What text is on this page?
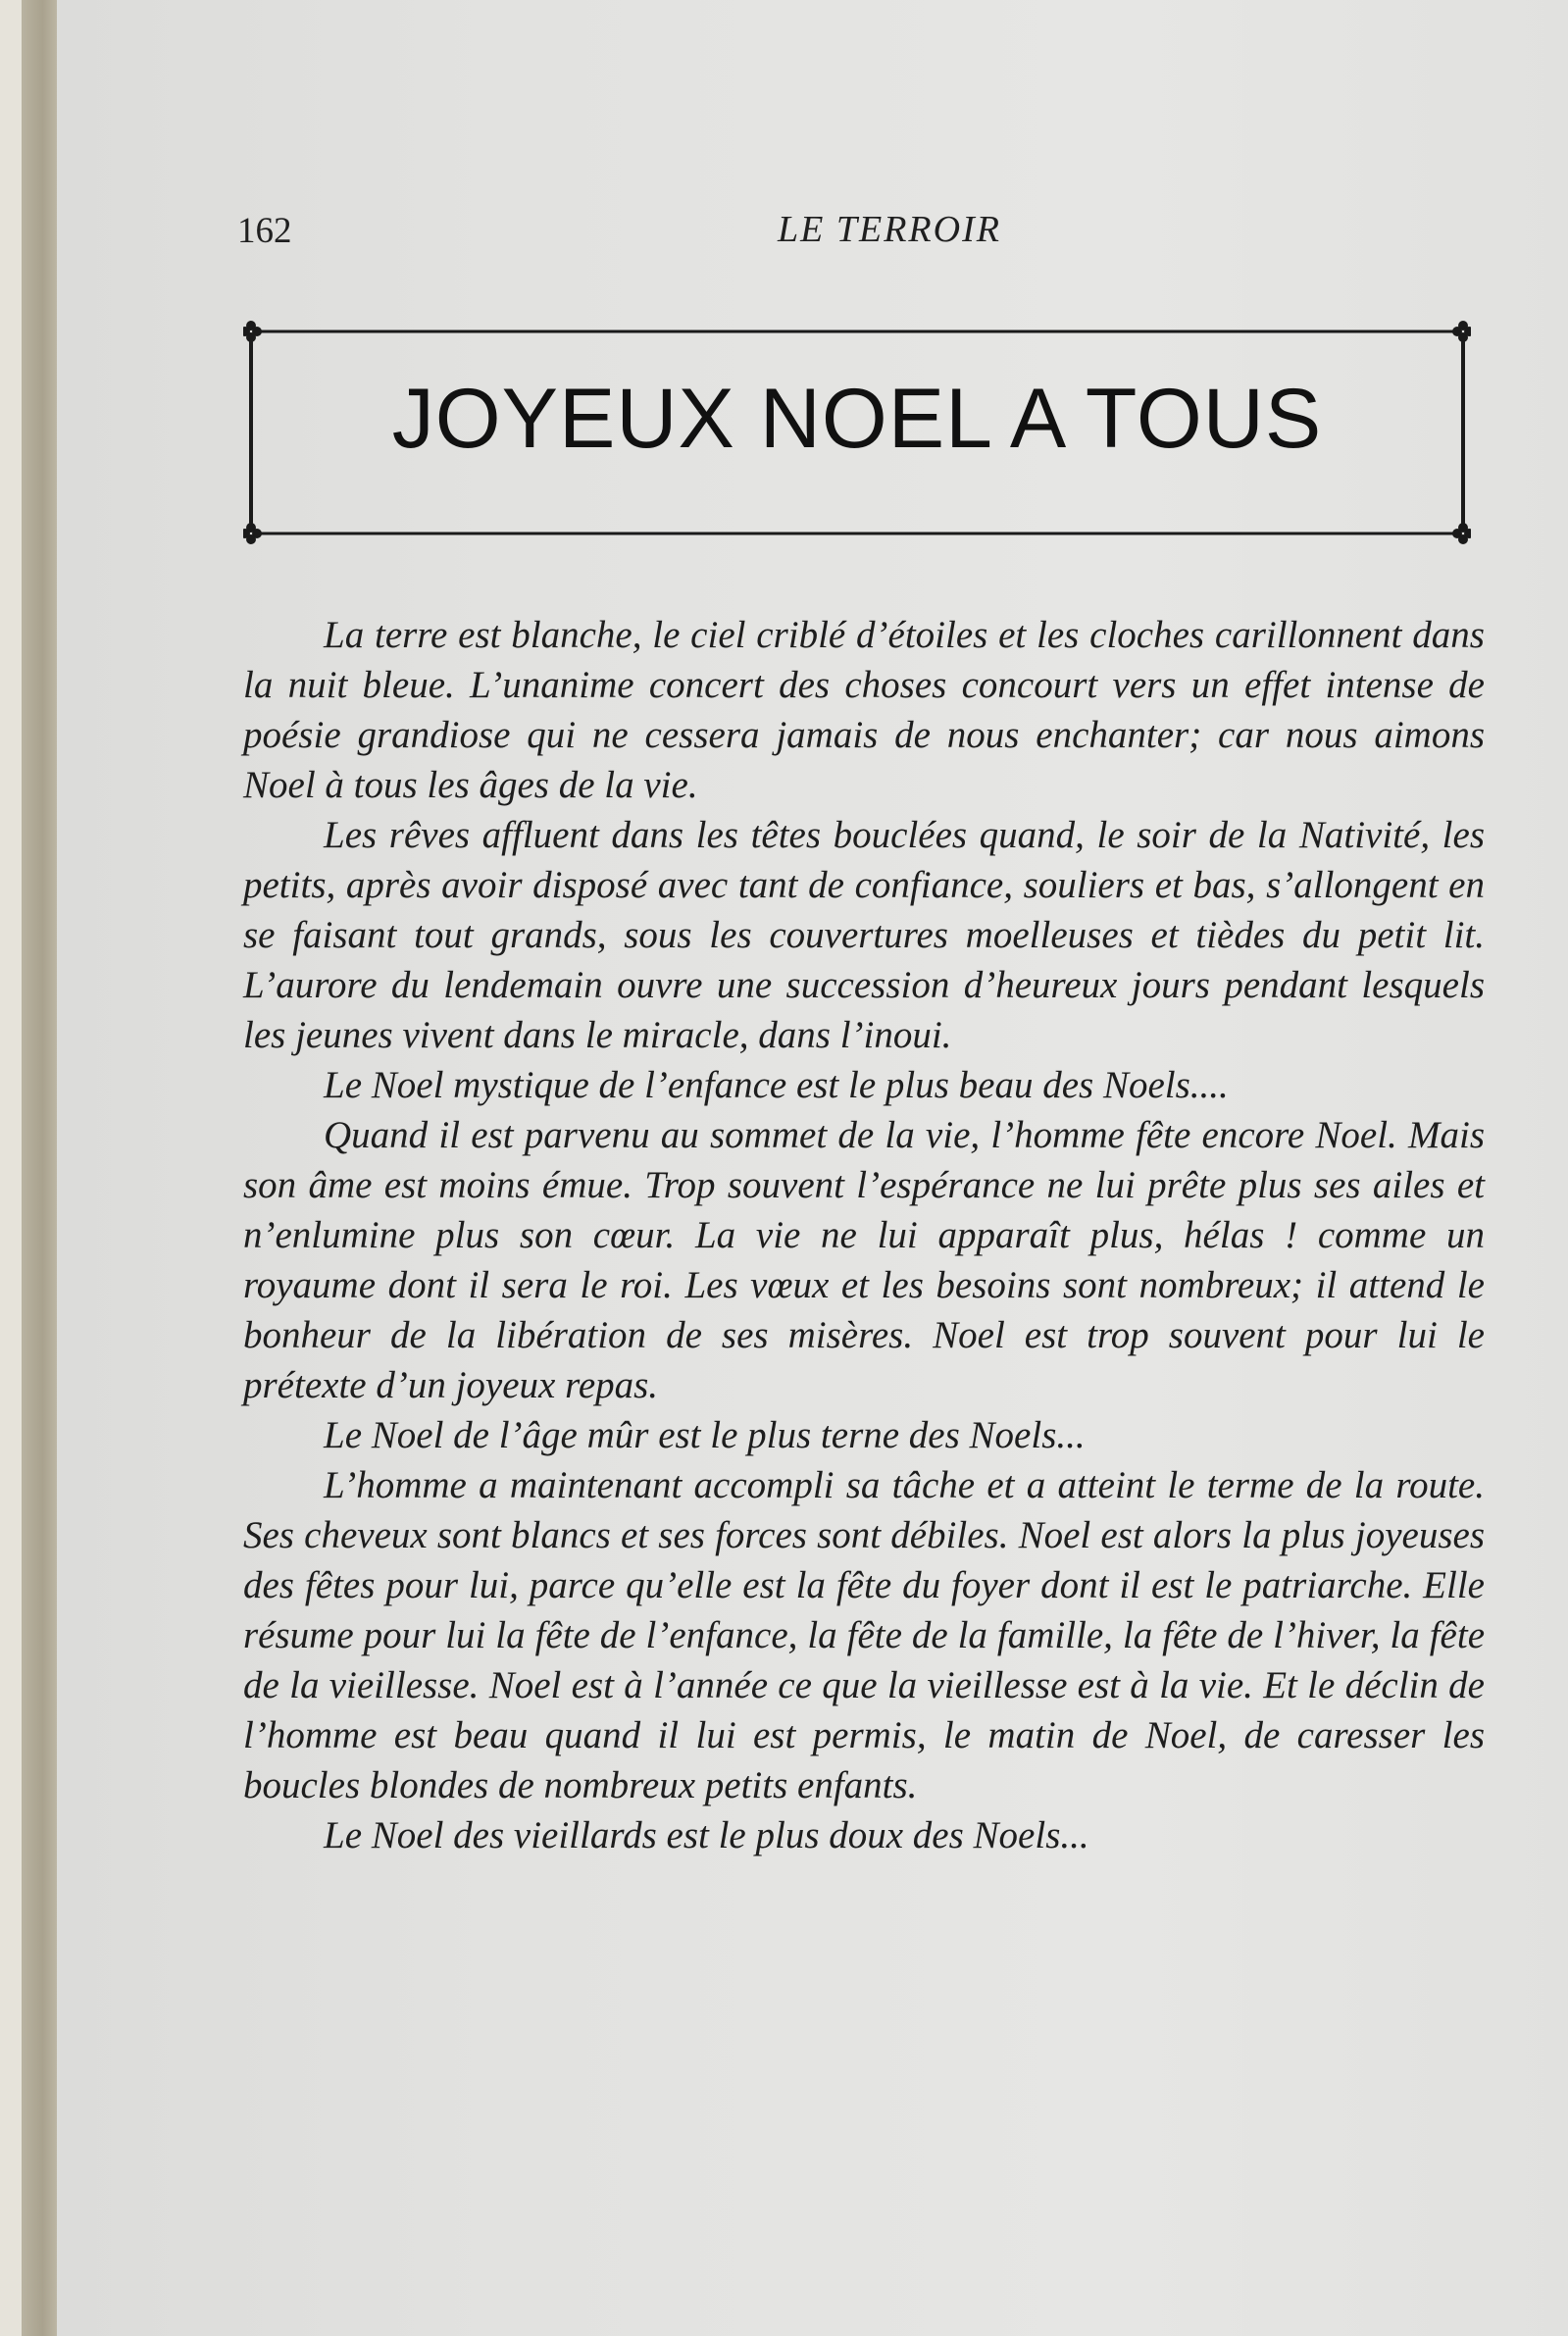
162	LE TERROIR
JOYEUX NOEL A TOUS

La terre est blanche, le ciel criblé d’étoiles et les cloches carillonnent dans la nuit bleue. L’unanime concert des choses concourt vers un effet intense de poésie grandiose qui ne cessera jamais de nous enchanter; car nous aimons Noel à tous les âges de la vie.

Les rêves affluent dans les têtes bouclées quand, le soir de la Nativité, les petits, après avoir disposé avec tant de confiance, souliers et bas, s’allongent en se faisant tout grands, sous les couvertures moelleuses et tièdes du petit lit. L’aurore du lendemain ouvre une succession d’heureux jours pendant lesquels les jeunes vivent dans le miracle, dans l’inoui.

Le Noel mystique de l’enfance est le plus beau des Noels....

Quand il est parvenu au sommet de la vie, l’homme fête encore Noel. Mais son âme est moins émue. Trop souvent l’espérance ne lui prête plus ses ailes et n’enlumine plus son cœur. La vie ne lui apparaît plus, hélas ! comme un royaume dont il sera le roi. Les vœux et les besoins sont nombreux; il attend le bonheur de la libération de ses misères. Noel est trop souvent pour lui le prétexte d’un joyeux repas.

Le Noel de l’âge mûr est le plus terne des Noels...

L’homme a maintenant accompli sa tâche et a atteint le terme de la route. Ses cheveux sont blancs et ses forces sont débiles. Noel est alors la plus joyeuses des fêtes pour lui, parce qu’elle est la fête du foyer dont il est le patriarche. Elle résume pour lui la fête de l’enfance, la fête de la famille, la fête de l’hiver, la fête de la vieillesse. Noel est à l’année ce que la vieillesse est à la vie. Et le déclin de l’homme est beau quand il lui est permis, le matin de Noel, de caresser les boucles blondes de nombreux petits enfants.

Le Noel des vieillards est le plus doux des Noels...
